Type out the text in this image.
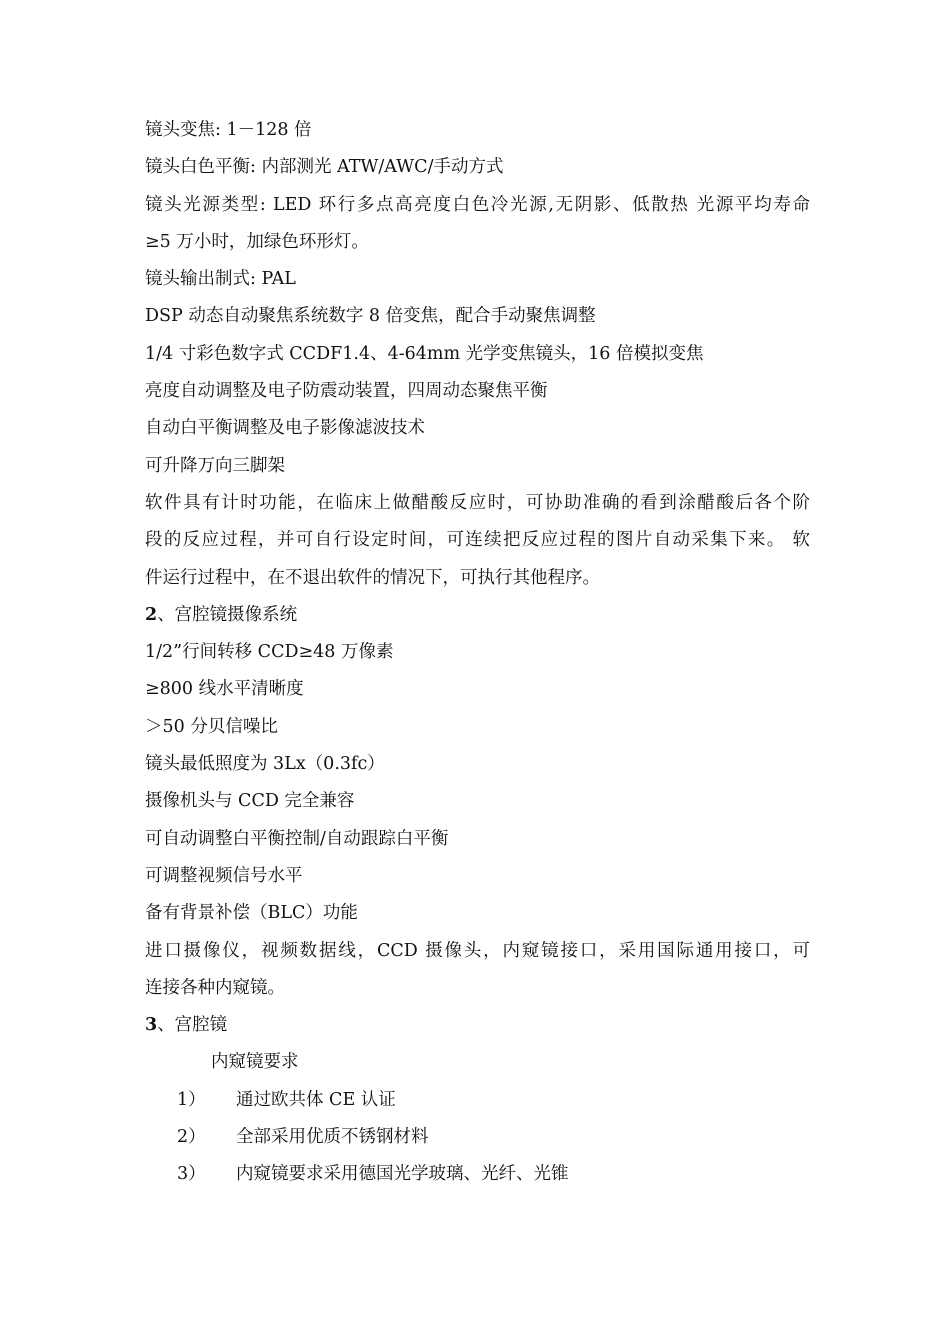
镜头变焦: 1－128 倍
镜头白色平衡: 内部测光 ATW/AWC/手动方式
镜头光源类型: LED 环行多点高亮度白色冷光源,无阴影、低散热 光源平均寿命
≥5 万小时，加绿色环形灯。
镜头输出制式: PAL
DSP 动态自动聚焦系统数字 8 倍变焦，配合手动聚焦调整
1/4 寸彩色数字式 CCDF1.4、4-64mm 光学变焦镜头，16 倍模拟变焦
亮度自动调整及电子防震动装置，四周动态聚焦平衡
自动白平衡调整及电子影像滤波技术
可升降万向三脚架
软件具有计时功能，在临床上做醋酸反应时，可协助准确的看到涂醋酸后各个阶
段的反应过程，并可自行设定时间，可连续把反应过程的图片自动采集下来。 软
件运行过程中，在不退出软件的情况下，可执行其他程序。
2、宫腔镜摄像系统
1/2”行间转移 CCD≥48 万像素
≥800 线水平清晰度
＞50 分贝信噪比
镜头最低照度为 3Lx（0.3fc）
摄像机头与 CCD 完全兼容
可自动调整白平衡控制/自动跟踪白平衡
可调整视频信号水平
备有背景补偿（BLC）功能
进口摄像仪，视频数据线，CCD 摄像头，内窥镜接口，采用国际通用接口，可
连接各种内窥镜。
3、宫腔镜
内窥镜要求
1） 通过欧共体 CE 认证
2） 全部采用优质不锈钢材料
3） 内窥镜要求采用德国光学玻璃、光纤、光锥
